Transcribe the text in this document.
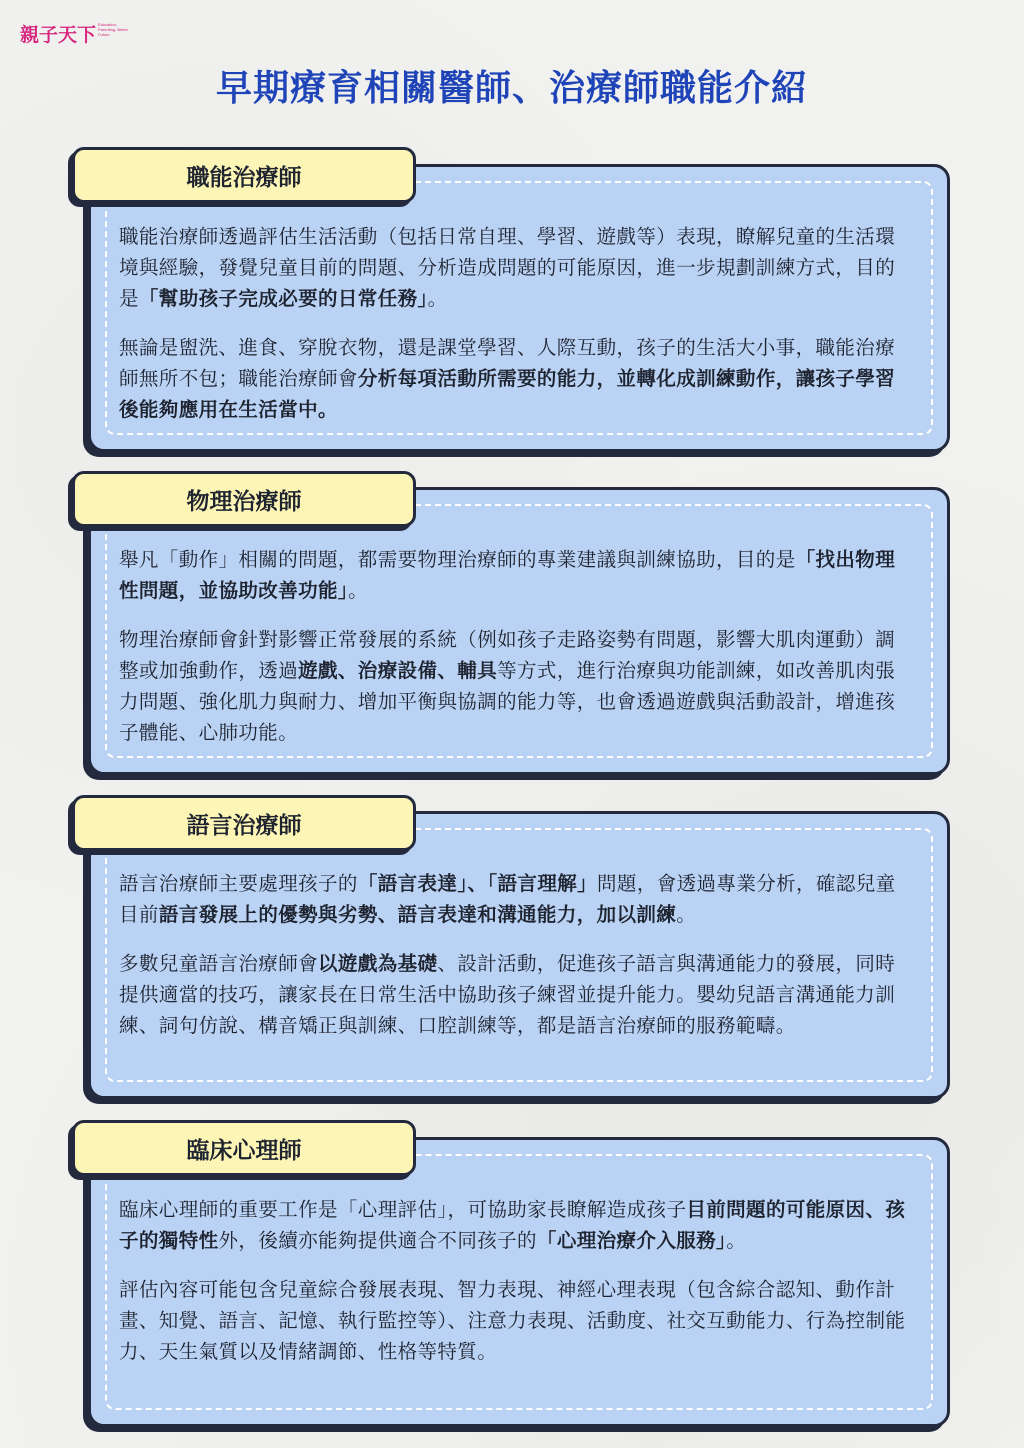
親子天下 Education, Parenting, Better Future
早期療育相關醫師、治療師職能介紹

職能治療師透過評估生活活動（包括日常自理、學習、遊戲等）表現，瞭解兒童的生活環境與經驗，發覺兒童目前的問題、分析造成問題的可能原因，進一步規劃訓練方式，目的是「幫助孩子完成必要的日常任務」。

無論是盥洗、進食、穿脫衣物，還是課堂學習、人際互動，孩子的生活大小事，職能治療師無所不包；職能治療師會分析每項活動所需要的能力，並轉化成訓練動作，讓孩子學習後能夠應用在生活當中。

職能治療師

舉凡「動作」相關的問題，都需要物理治療師的專業建議與訓練協助，目的是「找出物理性問題，並協助改善功能」。

物理治療師會針對影響正常發展的系統（例如孩子走路姿勢有問題，影響大肌肉運動）調整或加強動作，透過遊戲、治療設備、輔具等方式，進行治療與功能訓練，如改善肌肉張力問題、強化肌力與耐力、增加平衡與協調的能力等，也會透過遊戲與活動設計，增進孩子體能、心肺功能。

物理治療師

語言治療師主要處理孩子的「語言表達」、「語言理解」問題，會透過專業分析，確認兒童目前語言發展上的優勢與劣勢、語言表達和溝通能力，加以訓練。

多數兒童語言治療師會以遊戲為基礎、設計活動，促進孩子語言與溝通能力的發展，同時提供適當的技巧，讓家長在日常生活中協助孩子練習並提升能力。嬰幼兒語言溝通能力訓練、詞句仿說、構音矯正與訓練、口腔訓練等，都是語言治療師的服務範疇。

語言治療師

臨床心理師的重要工作是「心理評估」，可協助家長瞭解造成孩子目前問題的可能原因、孩子的獨特性外，後續亦能夠提供適合不同孩子的「心理治療介入服務」。

評估內容可能包含兒童綜合發展表現、智力表現、神經心理表現（包含綜合認知、動作計畫、知覺、語言、記憶、執行監控等）、注意力表現、活動度、社交互動能力、行為控制能力、天生氣質以及情緒調節、性格等特質。

臨床心理師
